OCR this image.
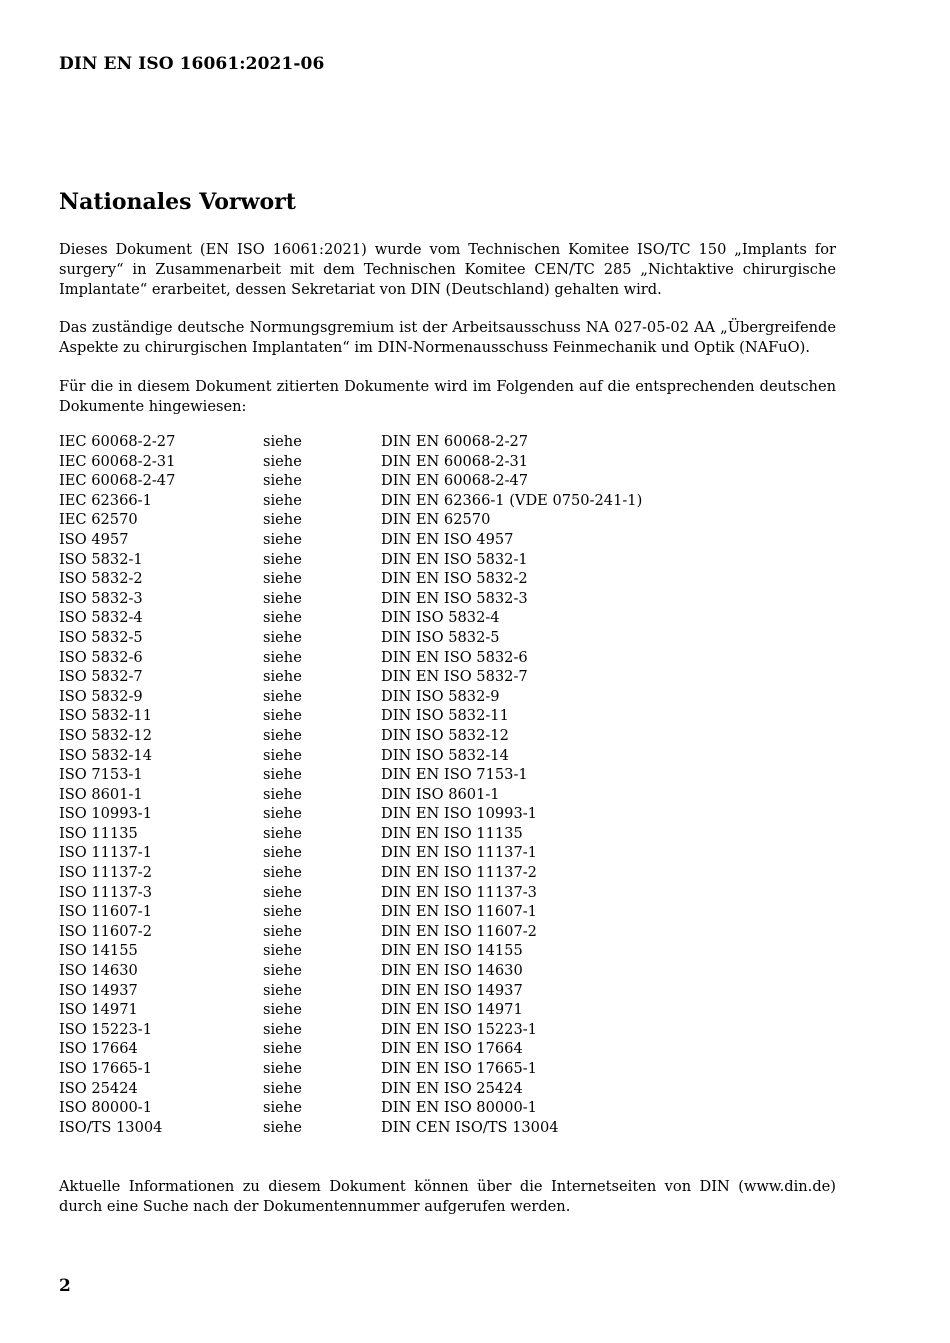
DIN EN ISO 16061:2021-06
Nationales Vorwort
Dieses Dokument (EN ISO 16061:2021) wurde vom Technischen Komitee ISO/TC 150 „Implants for surgery“ in Zusammenarbeit mit dem Technischen Komitee CEN/TC 285 „Nichtaktive chirurgische Implantate“ erarbeitet, dessen Sekretariat von DIN (Deutschland) gehalten wird.
Das zuständige deutsche Normungsgremium ist der Arbeitsausschuss NA 027-05-02 AA „Übergreifende Aspekte zu chirurgischen Implantaten“ im DIN-Normenausschuss Feinmechanik und Optik (NAFuO).
Für die in diesem Dokument zitierten Dokumente wird im Folgenden auf die entsprechenden deutschen Dokumente hingewiesen:
IEC 60068-2-27	siehe	DIN EN 60068-2-27
IEC 60068-2-31	siehe	DIN EN 60068-2-31
IEC 60068-2-47	siehe	DIN EN 60068-2-47
IEC 62366-1	siehe	DIN EN 62366-1 (VDE 0750-241-1)
IEC 62570	siehe	DIN EN 62570
ISO 4957	siehe	DIN EN ISO 4957
ISO 5832-1	siehe	DIN EN ISO 5832-1
ISO 5832-2	siehe	DIN EN ISO 5832-2
ISO 5832-3	siehe	DIN EN ISO 5832-3
ISO 5832-4	siehe	DIN ISO 5832-4
ISO 5832-5	siehe	DIN ISO 5832-5
ISO 5832-6	siehe	DIN EN ISO 5832-6
ISO 5832-7	siehe	DIN EN ISO 5832-7
ISO 5832-9	siehe	DIN ISO 5832-9
ISO 5832-11	siehe	DIN ISO 5832-11
ISO 5832-12	siehe	DIN ISO 5832-12
ISO 5832-14	siehe	DIN ISO 5832-14
ISO 7153-1	siehe	DIN EN ISO 7153-1
ISO 8601-1	siehe	DIN ISO 8601-1
ISO 10993-1	siehe	DIN EN ISO 10993-1
ISO 11135	siehe	DIN EN ISO 11135
ISO 11137-1	siehe	DIN EN ISO 11137-1
ISO 11137-2	siehe	DIN EN ISO 11137-2
ISO 11137-3	siehe	DIN EN ISO 11137-3
ISO 11607-1	siehe	DIN EN ISO 11607-1
ISO 11607-2	siehe	DIN EN ISO 11607-2
ISO 14155	siehe	DIN EN ISO 14155
ISO 14630	siehe	DIN EN ISO 14630
ISO 14937	siehe	DIN EN ISO 14937
ISO 14971	siehe	DIN EN ISO 14971
ISO 15223-1	siehe	DIN EN ISO 15223-1
ISO 17664	siehe	DIN EN ISO 17664
ISO 17665-1	siehe	DIN EN ISO 17665-1
ISO 25424	siehe	DIN EN ISO 25424
ISO 80000-1	siehe	DIN EN ISO 80000-1
ISO/TS 13004	siehe	DIN CEN ISO/TS 13004
Aktuelle Informationen zu diesem Dokument können über die Internetseiten von DIN (www.din.de) durch eine Suche nach der Dokumentennummer aufgerufen werden.
2
